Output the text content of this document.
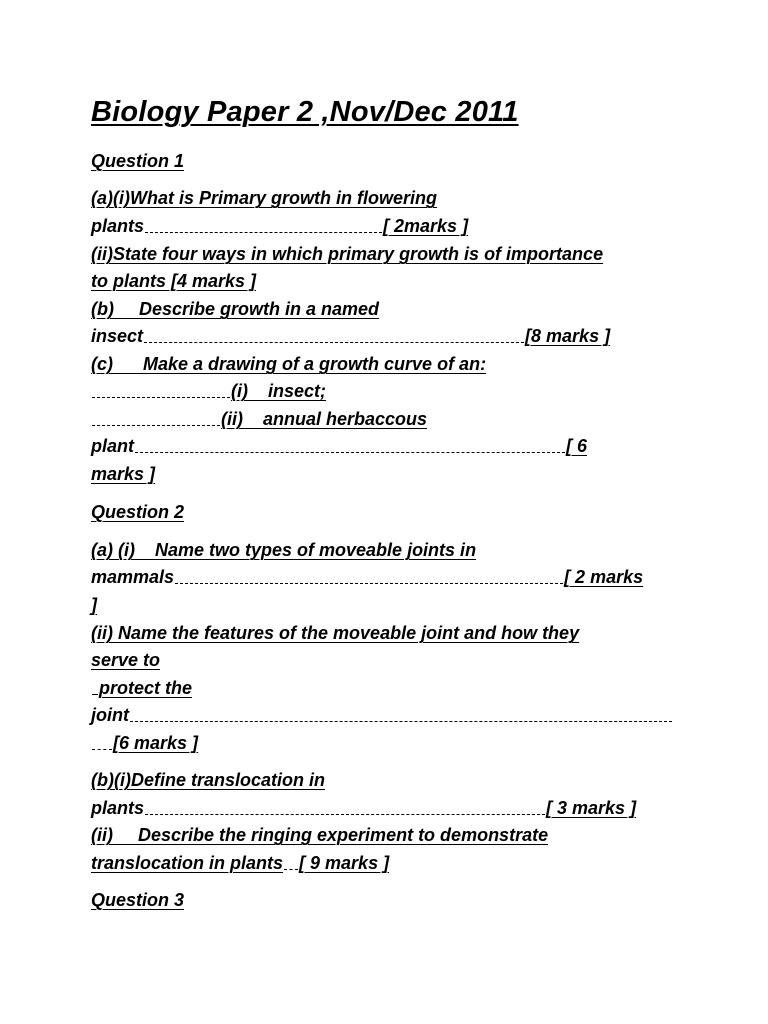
Biology Paper 2 ,Nov/Dec 2011
Question 1
(a)(i)What is Primary growth in flowering
plants	[ 2marks ]
(ii)State four ways in which primary growth is of importance
to plants [4 marks ]
(b)     Describe growth in a named
insect	[8 marks ]
(c)      Make a drawing of a growth curve of an:
(i)    insect;
(ii)    annual herbaccous
plant	[ 6
marks ]
Question 2
(a) (i)    Name two types of moveable joints in
mammals	[ 2 marks
]
(ii) Name the features of the moveable joint and how they
serve to
protect the
joint
[6 marks ]
(b)(i)Define translocation in
plants	[ 3 marks ]
(ii)     Describe the ringing experiment to demonstrate
translocation in plants [ 9 marks ]
Question 3
